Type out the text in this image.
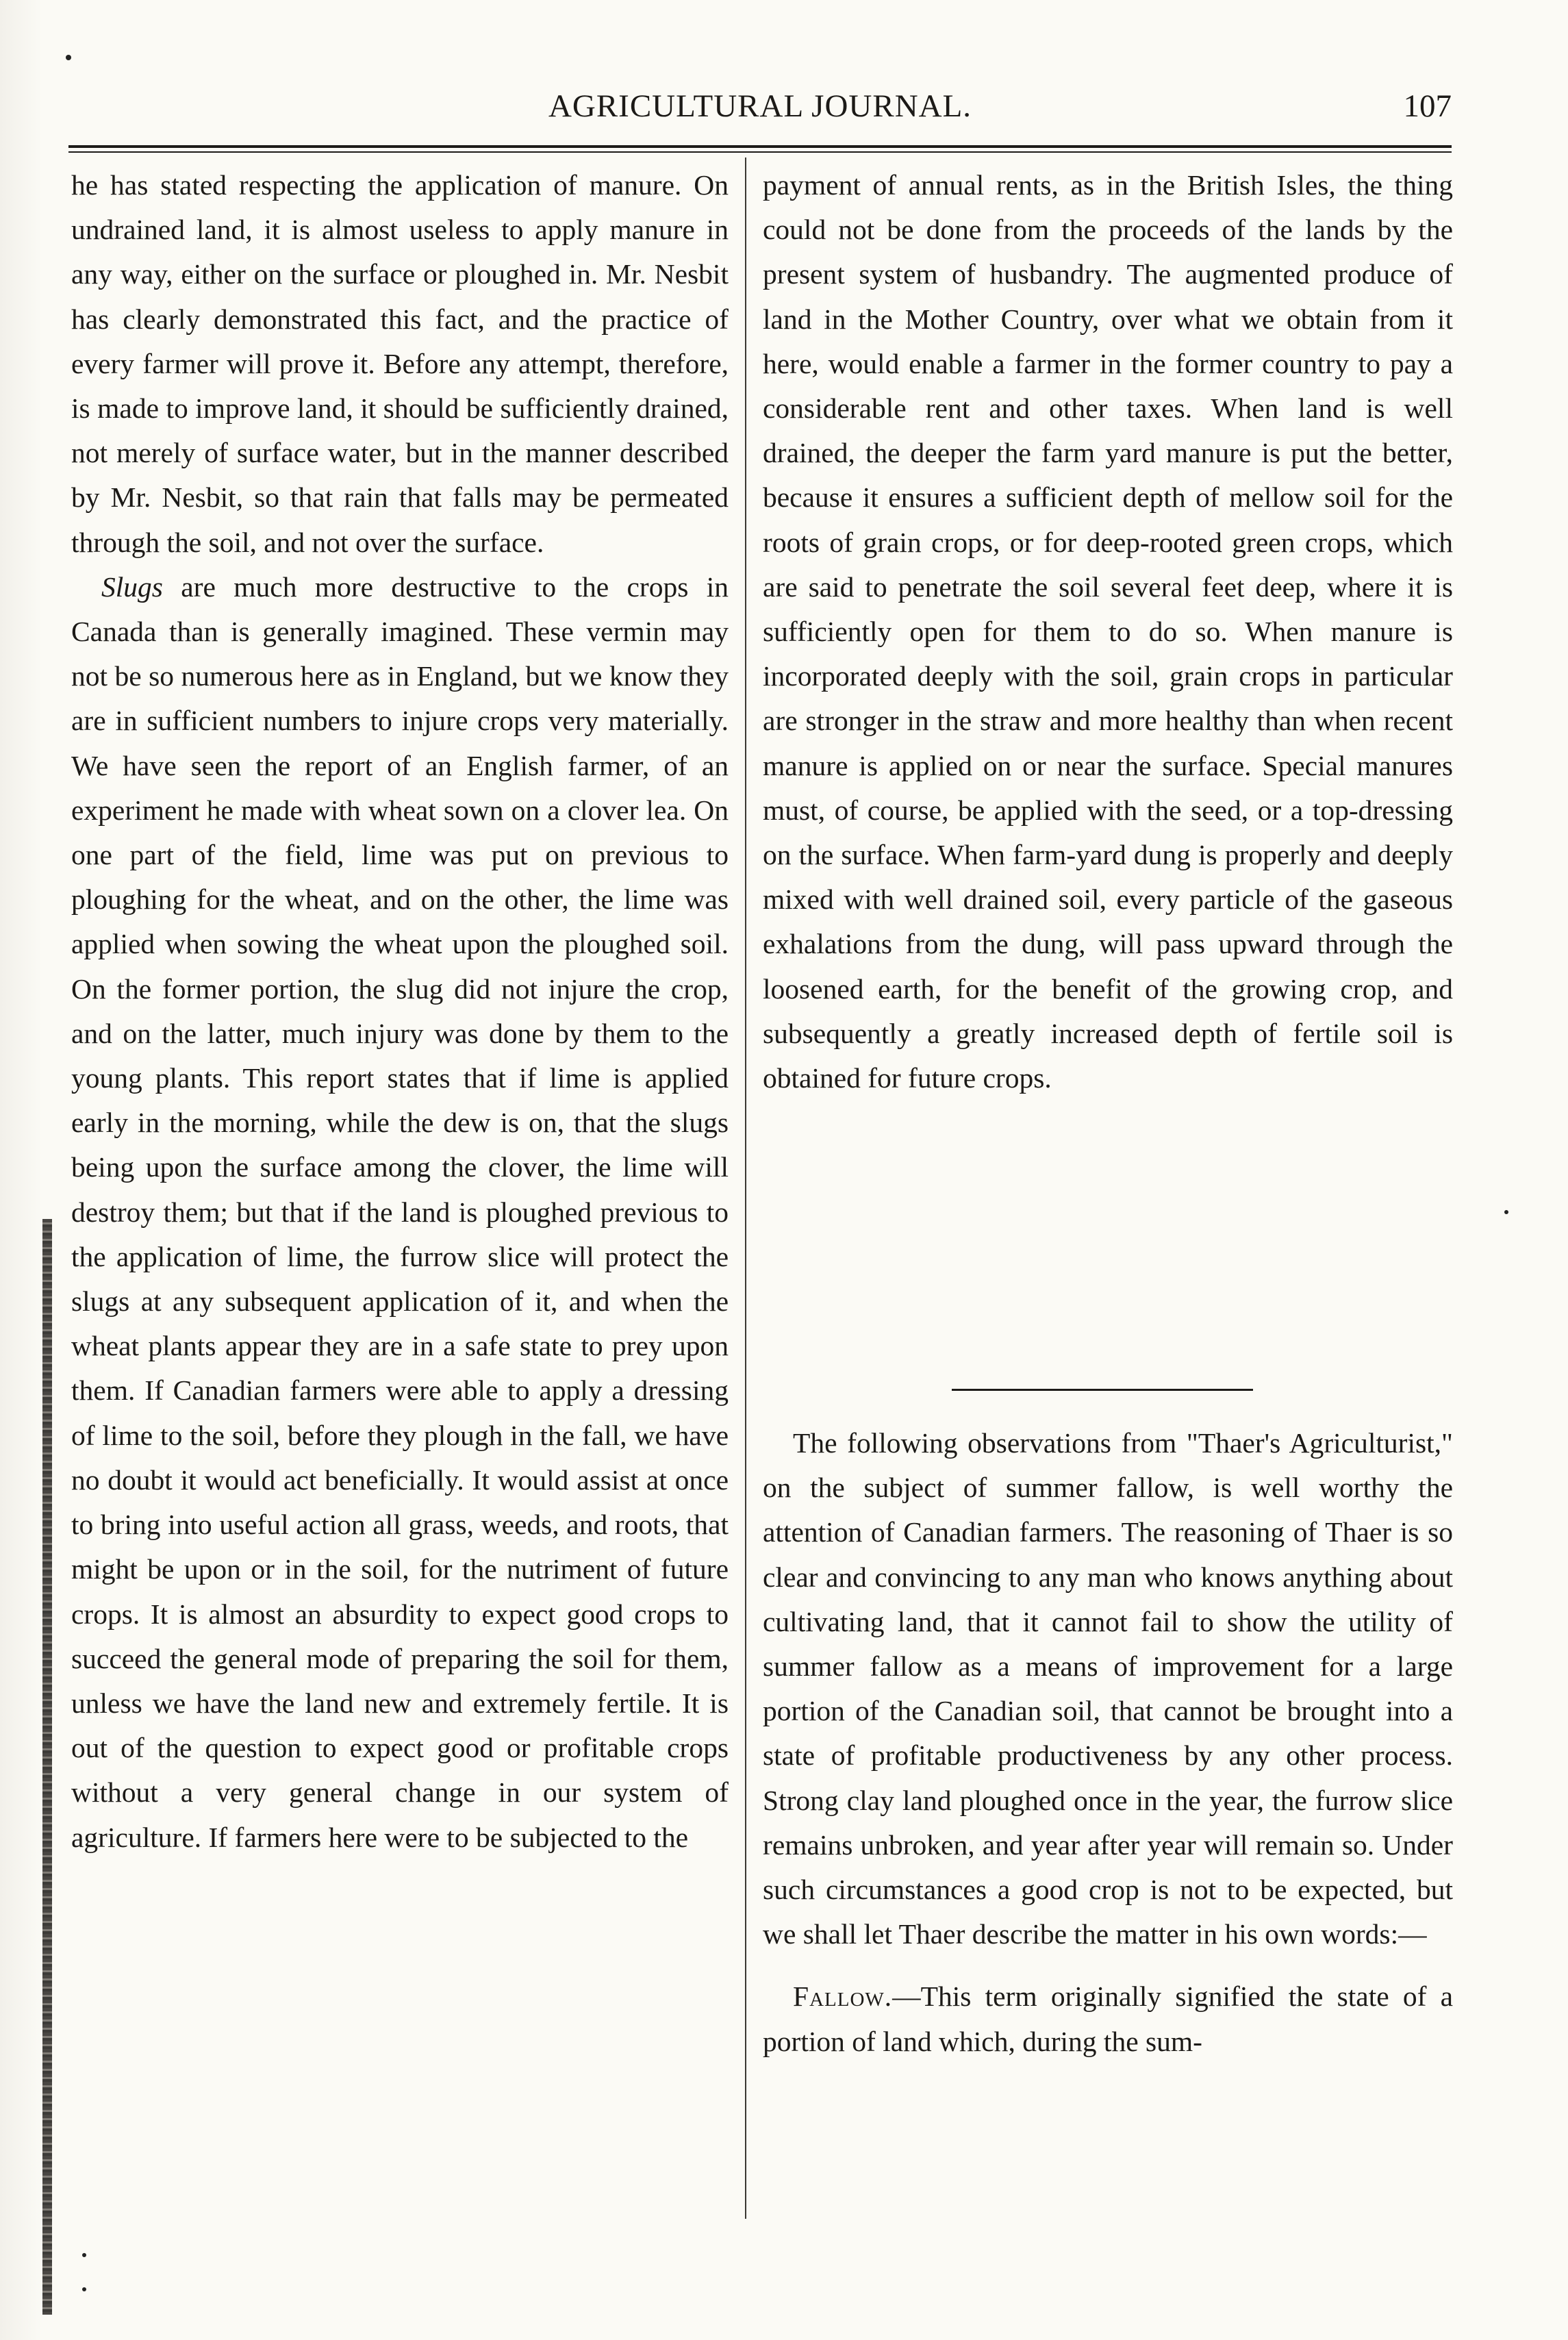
AGRICULTURAL JOURNAL.	107

he has stated respecting the application of manure. On undrained land, it is almost useless to apply manure in any way, either on the surface or ploughed in. Mr. Nesbit has clearly demonstrated this fact, and the practice of every farmer will prove it. Before any attempt, therefore, is made to improve land, it should be sufficiently drained, not merely of surface water, but in the manner described by Mr. Nesbit, so that rain that falls may be permeated through the soil, and not over the surface.

Slugs are much more destructive to the crops in Canada than is generally imagined. These vermin may not be so numerous here as in England, but we know they are in sufficient numbers to injure crops very materially. We have seen the report of an English farmer, of an experiment he made with wheat sown on a clover lea. On one part of the field, lime was put on previous to ploughing for the wheat, and on the other, the lime was applied when sowing the wheat upon the ploughed soil. On the former portion, the slug did not injure the crop, and on the latter, much injury was done by them to the young plants. This report states that if lime is applied early in the morning, while the dew is on, that the slugs being upon the surface among the clover, the lime will destroy them; but that if the land is ploughed previous to the application of lime, the furrow slice will protect the slugs at any subsequent application of it, and when the wheat plants appear they are in a safe state to prey upon them. If Canadian farmers were able to apply a dressing of lime to the soil, before they plough in the fall, we have no doubt it would act beneficially. It would assist at once to bring into useful action all grass, weeds, and roots, that might be upon or in the soil, for the nutriment of future crops. It is almost an absurdity to expect good crops to succeed the general mode of preparing the soil for them, unless we have the land new and extremely fertile. It is out of the question to expect good or profitable crops without a very general change in our system of agriculture. If farmers here were to be subjected to the

payment of annual rents, as in the British Isles, the thing could not be done from the proceeds of the lands by the present system of husbandry. The augmented produce of land in the Mother Country, over what we obtain from it here, would enable a farmer in the former country to pay a considerable rent and other taxes. When land is well drained, the deeper the farm yard manure is put the better, because it ensures a sufficient depth of mellow soil for the roots of grain crops, or for deep-rooted green crops, which are said to penetrate the soil several feet deep, where it is sufficiently open for them to do so. When manure is incorporated deeply with the soil, grain crops in particular are stronger in the straw and more healthy than when recent manure is applied on or near the surface. Special manures must, of course, be applied with the seed, or a top-dressing on the surface. When farm-yard dung is properly and deeply mixed with well drained soil, every particle of the gaseous exhalations from the dung, will pass upward through the loosened earth, for the benefit of the growing crop, and subsequently a greatly increased depth of fertile soil is obtained for future crops.

The following observations from "Thaer's Agriculturist," on the subject of summer fallow, is well worthy the attention of Canadian farmers. The reasoning of Thaer is so clear and convincing to any man who knows anything about cultivating land, that it cannot fail to show the utility of summer fallow as a means of improvement for a large portion of the Canadian soil, that cannot be brought into a state of profitable productiveness by any other process. Strong clay land ploughed once in the year, the furrow slice remains unbroken, and year after year will remain so. Under such circumstances a good crop is not to be expected, but we shall let Thaer describe the matter in his own words:—

Fallow.—This term originally signified the state of a portion of land which, during the sum-
